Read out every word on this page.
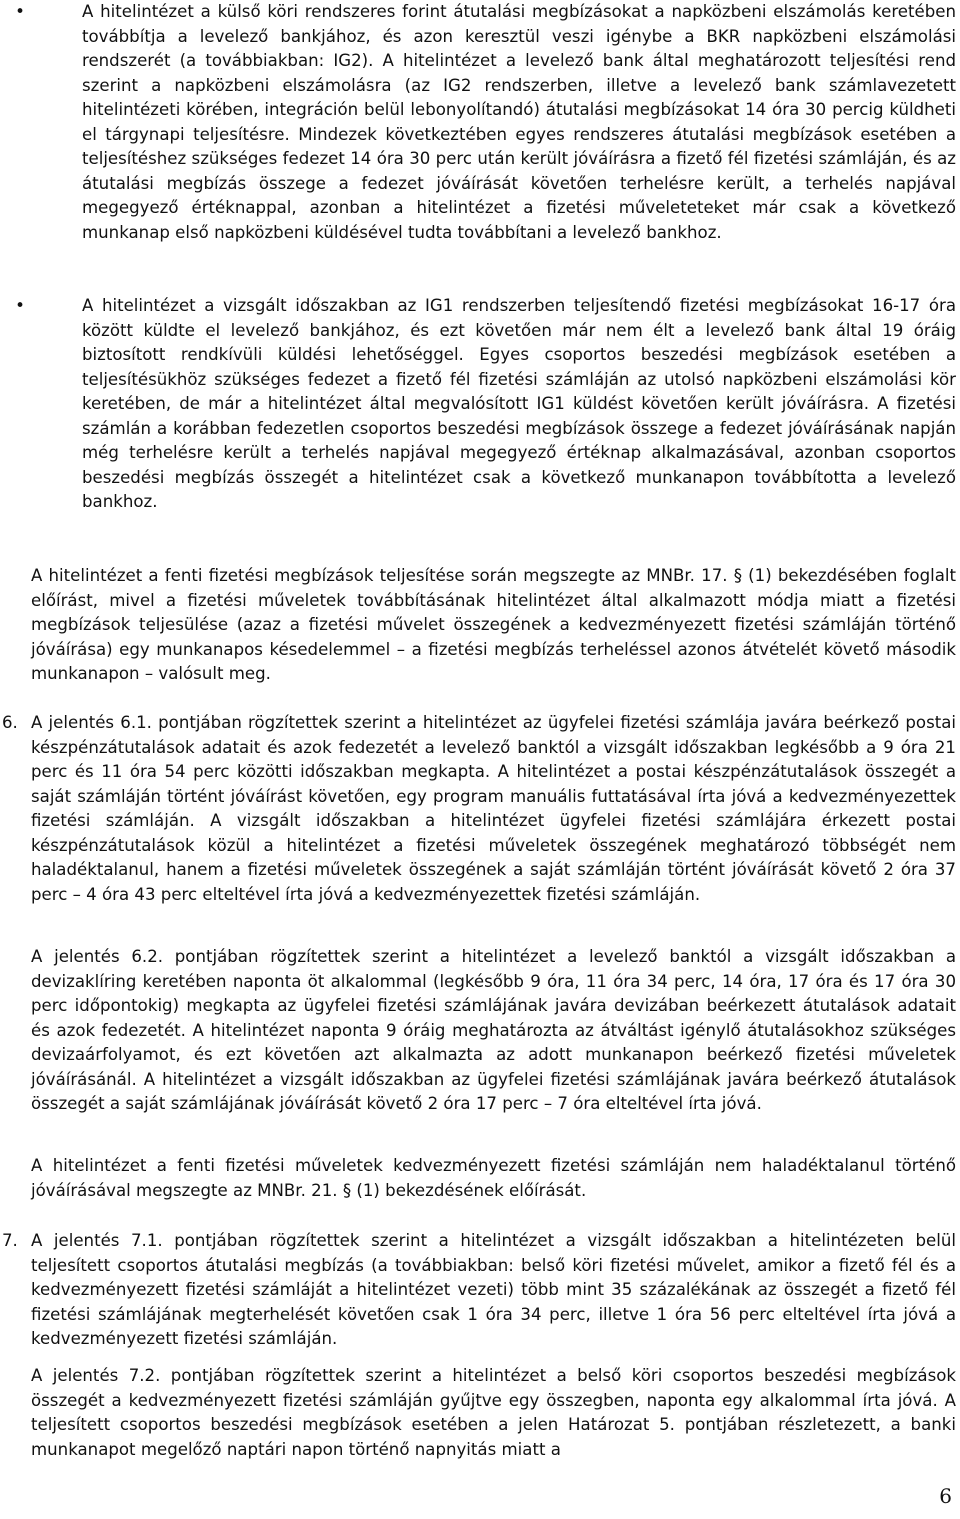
•	A hitelintézet a külső köri rendszeres forint átutalási megbízásokat a napközbeni elszámolás keretében továbbítja a levelező bankjához, és azon keresztül veszi igénybe a BKR napközbeni elszámolási rendszerét (a továbbiakban: IG2). A hitelintézet a levelező bank által meghatározott teljesítési rend szerint a napközbeni elszámolásra (az IG2 rendszerben, illetve a levelező bank számlavezetett hitelintézeti körében, integráción belül lebonyolítandó) átutalási megbízásokat 14 óra 30 percig küldheti el tárgynapi teljesítésre. Mindezek következtében egyes rendszeres átutalási megbízások esetében a teljesítéshez szükséges fedezet 14 óra 30 perc után került jóváírásra a fizető fél fizetési számláján, és az átutalási megbízás összege a fedezet jóváírását követően terhelésre került, a terhelés napjával megegyező értéknappal, azonban a hitelintézet a fizetési műveleteteket már csak a következő munkanap első napközbeni küldésével tudta továbbítani a levelező bankhoz.
•	A hitelintézet a vizsgált időszakban az IG1 rendszerben teljesítendő fizetési megbízásokat 16-17 óra között küldte el levelező bankjához, és ezt követően már nem élt a levelező bank által 19 óráig biztosított rendkívüli küldési lehetőséggel. Egyes csoportos beszedési megbízások esetében a teljesítésükhöz szükséges fedezet a fizető fél fizetési számláján az utolsó napközbeni elszámolási kör keretében, de már a hitelintézet által megvalósított IG1 küldést követően került jóváírásra. A fizetési számlán a korábban fedezetlen csoportos beszedési megbízások összege a fedezet jóváírásának napján még terhelésre került a terhelés napjával megegyező értéknap alkalmazásával, azonban csoportos beszedési megbízás összegét a hitelintézet csak a következő munkanapon továbbította a levelező bankhoz.
A hitelintézet a fenti fizetési megbízások teljesítése során megszegte az MNBr. 17. § (1) bekezdésében foglalt előírást, mivel a fizetési műveletek továbbításának hitelintézet által alkalmazott módja miatt a fizetési megbízások teljesülése (azaz a fizetési művelet összegének a kedvezményezett fizetési számláján történő jóváírása) egy munkanapos késedelemmel – a fizetési megbízás terheléssel azonos átvételét követő második munkanapon – valósult meg.
6. A jelentés 6.1. pontjában rögzítettek szerint a hitelintézet az ügyfelei fizetési számlája javára beérkező postai készpénzátutalások adatait és azok fedezetét a levelező banktól a vizsgált időszakban legkésőbb a 9 óra 21 perc és 11 óra 54 perc közötti időszakban megkapta. A hitelintézet a postai készpénzátutalások összegét a saját számláján történt jóváírást követően, egy program manuális futtatásával írta jóvá a kedvezményezettek fizetési számláján. A vizsgált időszakban a hitelintézet ügyfelei fizetési számlájára érkezett postai készpénzátutalások közül a hitelintézet a fizetési műveletek összegének meghatározó többségét nem haladéktalanul, hanem a fizetési műveletek összegének a saját számláján történt jóváírását követő 2 óra 37 perc – 4 óra 43 perc elteltével írta jóvá a kedvezményezettek fizetési számláján.
A jelentés 6.2. pontjában rögzítettek szerint a hitelintézet a levelező banktól a vizsgált időszakban a devizaklíring keretében naponta öt alkalommal (legkésőbb 9 óra, 11 óra 34 perc, 14 óra, 17 óra és 17 óra 30 perc időpontokig) megkapta az ügyfelei fizetési számlájának javára devizában beérkezett átutalások adatait és azok fedezetét. A hitelintézet naponta 9 óráig meghatározta az átváltást igénylő átutalásokhoz szükséges devizaárfolyamot, és ezt követően azt alkalmazta az adott munkanapon beérkező fizetési műveletek jóváírásánál. A hitelintézet a vizsgált időszakban az ügyfelei fizetési számlájának javára beérkező átutalások összegét a saját számlájának jóváírását követő 2 óra 17 perc – 7 óra elteltével írta jóvá.
A hitelintézet a fenti fizetési műveletek kedvezményezett fizetési számláján nem haladéktalanul történő jóváírásával megszegte az MNBr. 21. § (1) bekezdésének előírását.
7. A jelentés 7.1. pontjában rögzítettek szerint a hitelintézet a vizsgált időszakban a hitelintézeten belül teljesített csoportos átutalási megbízás (a továbbiakban: belső köri fizetési művelet, amikor a fizető fél és a kedvezményezett fizetési számláját a hitelintézet vezeti) több mint 35 százalékának az összegét a fizető fél fizetési számlájának megterhelését követően csak 1 óra 34 perc, illetve 1 óra 56 perc elteltével írta jóvá a kedvezményezett fizetési számláján.
A jelentés 7.2. pontjában rögzítettek szerint a hitelintézet a belső köri csoportos beszedési megbízások összegét a kedvezményezett fizetési számláján gyűjtve egy összegben, naponta egy alkalommal írta jóvá. A teljesített csoportos beszedési megbízások esetében a jelen Határozat 5. pontjában részletezett, a banki munkanapot megelőző naptári napon történő napnyitás miatt a
6
